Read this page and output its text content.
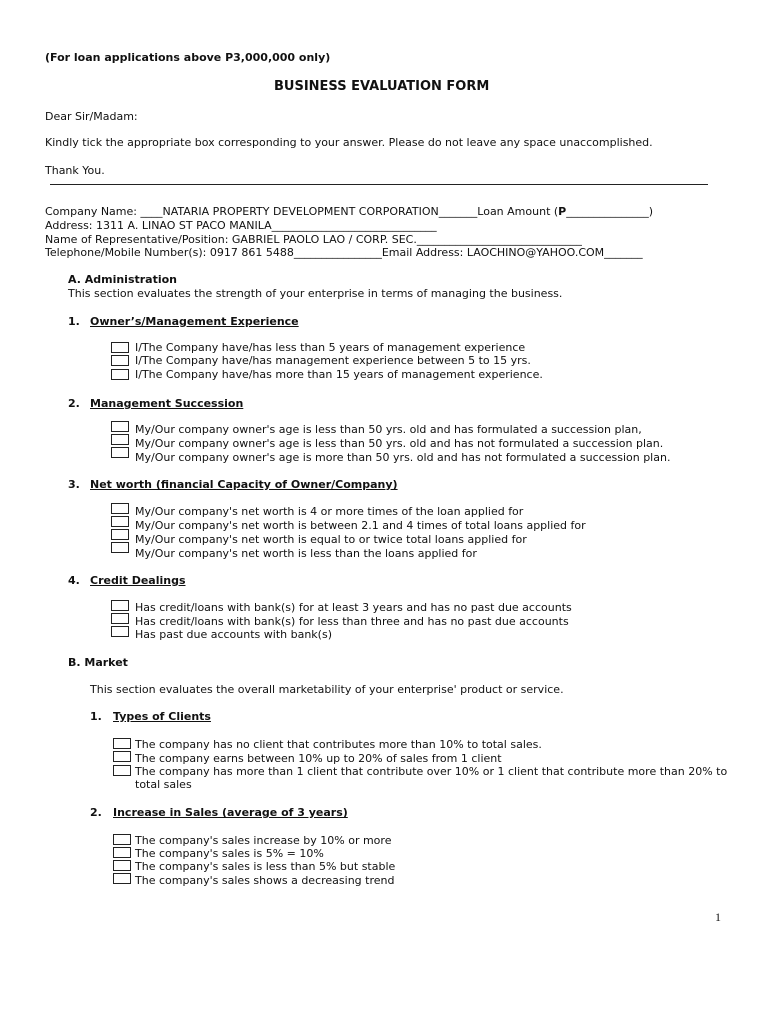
(For loan applications above P3,000,000 only)
BUSINESS EVALUATION FORM
Dear Sir/Madam:
Kindly tick the appropriate box corresponding to your answer. Please do not leave any space unaccomplished.
Thank You.
Company Name: ____NATARIA PROPERTY DEVELOPMENT CORPORATION_______Loan Amount (P_______________)
Address: 1311 A. LINAO ST PACO MANILA______________________________
Name of Representative/Position: GABRIEL PAOLO LAO / CORP. SEC.______________________________
Telephone/Mobile Number(s): 0917 861 5488________________Email Address: LAOCHINO@YAHOO.COM_______
A. Administration
This section evaluates the strength of your enterprise in terms of managing the business.
1. Owner’s/Management Experience
I/The Company have/has less than 5 years of management experience
I/The Company have/has management experience between 5 to 15 yrs.
I/The Company have/has more than 15 years of management experience.
2. Management Succession
My/Our company owner's age is less than 50 yrs. old and has formulated a succession plan,
My/Our company owner's age is less than 50 yrs. old and has not formulated a succession plan.
My/Our company owner's age is more than 50 yrs. old and has not formulated a succession plan.
3. Net worth (financial Capacity of Owner/Company)
My/Our company's net worth is 4 or more times of the loan applied for
My/Our company's net worth is between 2.1 and 4 times of total loans applied for
My/Our company's net worth is equal to or twice total loans applied for
My/Our company's net worth is less than the loans applied for
4. Credit Dealings
Has credit/loans with bank(s) for at least 3 years and has no past due accounts
Has credit/loans with bank(s) for less than three and has no past due accounts
Has past due accounts with bank(s)
B. Market
This section evaluates the overall marketability of your enterprise' product or service.
1. Types of Clients
The company has no client that contributes more than 10% to total sales.
The company earns between 10% up to 20% of sales from 1 client
The company has more than 1 client that contribute over 10% or 1 client that contribute more than 20% to total sales
2. Increase in Sales (average of 3 years)
The company's sales increase by 10% or more
The company's sales is 5% = 10%
The company's sales is less than 5% but stable
The company's sales shows a decreasing trend
1
